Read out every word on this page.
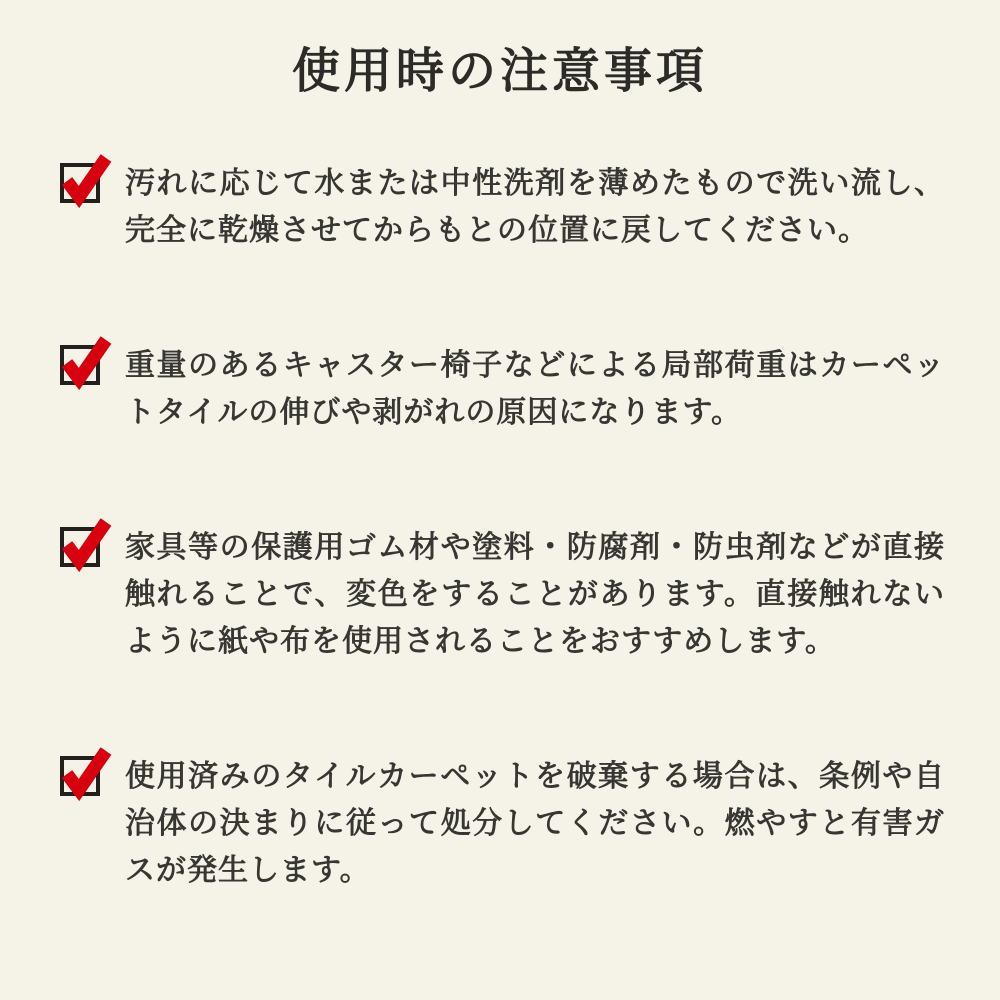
使用時の注意事項

汚れに応じて水または中性洗剤を薄めたもので洗い流し、完全に乾燥させてからもとの位置に戻してください。

重量のあるキャスター椅子などによる局部荷重はカーペットタイルの伸びや剥がれの原因になります。

家具等の保護用ゴム材や塗料・防腐剤・防虫剤などが直接触れることで、変色をすることがあります。直接触れないように紙や布を使用されることをおすすめします。

使用済みのタイルカーペットを破棄する場合は、条例や自治体の決まりに従って処分してください。燃やすと有害ガスが発生します。
